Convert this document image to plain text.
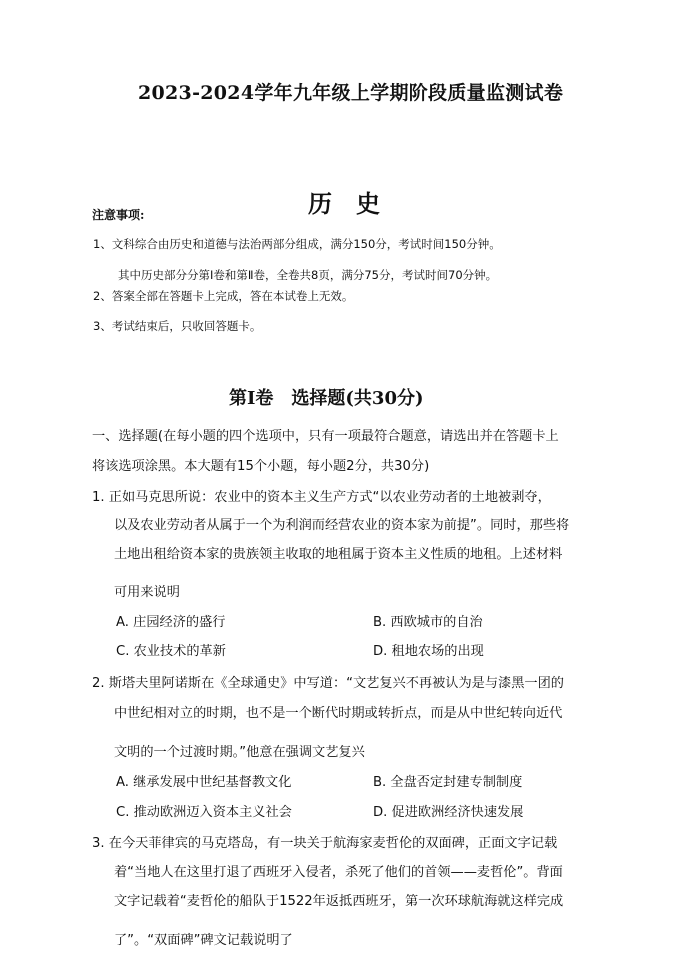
2023-2024学年九年级上学期阶段质量监测试卷
历史
注意事项:
1、文科综合由历史和道德与法治两部分组成，满分150分，考试时间150分钟。
其中历史部分分第Ⅰ卷和第Ⅱ卷，全卷共8页，满分75分，考试时间70分钟。
2、答案全部在答题卡上完成，答在本试卷上无效。
3、考试结束后，只收回答题卡。
第Ⅰ卷　选择题(共30分)
一、选择题(在每小题的四个选项中，只有一项最符合题意，请选出并在答题卡上
将该选项涂黑。本大题有15个小题，每小题2分，共30分)
1. 正如马克思所说：农业中的资本主义生产方式“以农业劳动者的土地被剥夺，
以及农业劳动者从属于一个为利润而经营农业的资本家为前提”。同时，那些将
土地出租给资本家的贵族领主收取的地租属于资本主义性质的地租。上述材料
可用来说明
A. 庄园经济的盛行	B. 西欧城市的自治
C. 农业技术的革新	D. 租地农场的出现
2. 斯塔夫里阿诺斯在《全球通史》中写道：“文艺复兴不再被认为是与漆黑一团的
中世纪相对立的时期，也不是一个断代时期或转折点，而是从中世纪转向近代
文明的一个过渡时期。”他意在强调文艺复兴
A. 继承发展中世纪基督教文化	B. 全盘否定封建专制制度
C. 推动欧洲迈入资本主义社会	D. 促进欧洲经济快速发展
3. 在今天菲律宾的马克塔岛，有一块关于航海家麦哲伦的双面碑，正面文字记载
着“当地人在这里打退了西班牙入侵者，杀死了他们的首领——麦哲伦”。背面
文字记载着“麦哲伦的船队于1522年返抵西班牙，第一次环球航海就这样完成
了”。“双面碑”碑文记载说明了
